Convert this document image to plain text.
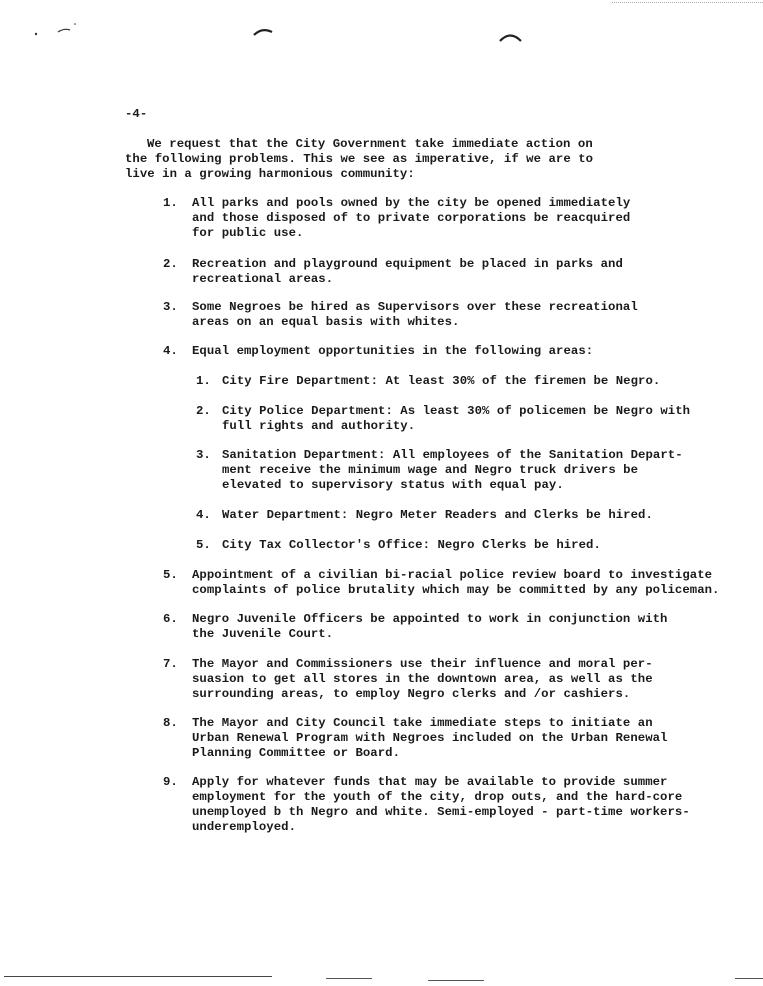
-4-
We request that the City Government take immediate action on
the following problems. This we see as imperative, if we are to
live in a growing harmonious community:
1. All parks and pools owned by the city be opened immediately
and those disposed of to private corporations be reacquired
for public use.
2. Recreation and playground equipment be placed in parks and
recreational areas.
3. Some Negroes be hired as Supervisors over these recreational
areas on an equal basis with whites.
4. Equal employment opportunities in the following areas:
1. City Fire Department: At least 30% of the firemen be Negro.
2. City Police Department: As least 30% of policemen be Negro with
full rights and authority.
3. Sanitation Department: All employees of the Sanitation Depart-
ment receive the minimum wage and Negro truck drivers be
elevated to supervisory status with equal pay.
4. Water Department: Negro Meter Readers and Clerks be hired.
5. City Tax Collector's Office: Negro Clerks be hired.
5. Appointment of a civilian bi-racial police review board to investigate
complaints of police brutality which may be committed by any policeman.
6. Negro Juvenile Officers be appointed to work in conjunction with
the Juvenile Court.
7. The Mayor and Commissioners use their influence and moral per-
suasion to get all stores in the downtown area, as well as the
surrounding areas, to employ Negro clerks and /or cashiers.
8. The Mayor and City Council take immediate steps to initiate an
Urban Renewal Program with Negroes included on the Urban Renewal
Planning Committee or Board.
9. Apply for whatever funds that may be available to provide summer
employment for the youth of the city, drop outs, and the hard-core
unemployed b th Negro and white. Semi-employed - part-time workers-
underemployed.
